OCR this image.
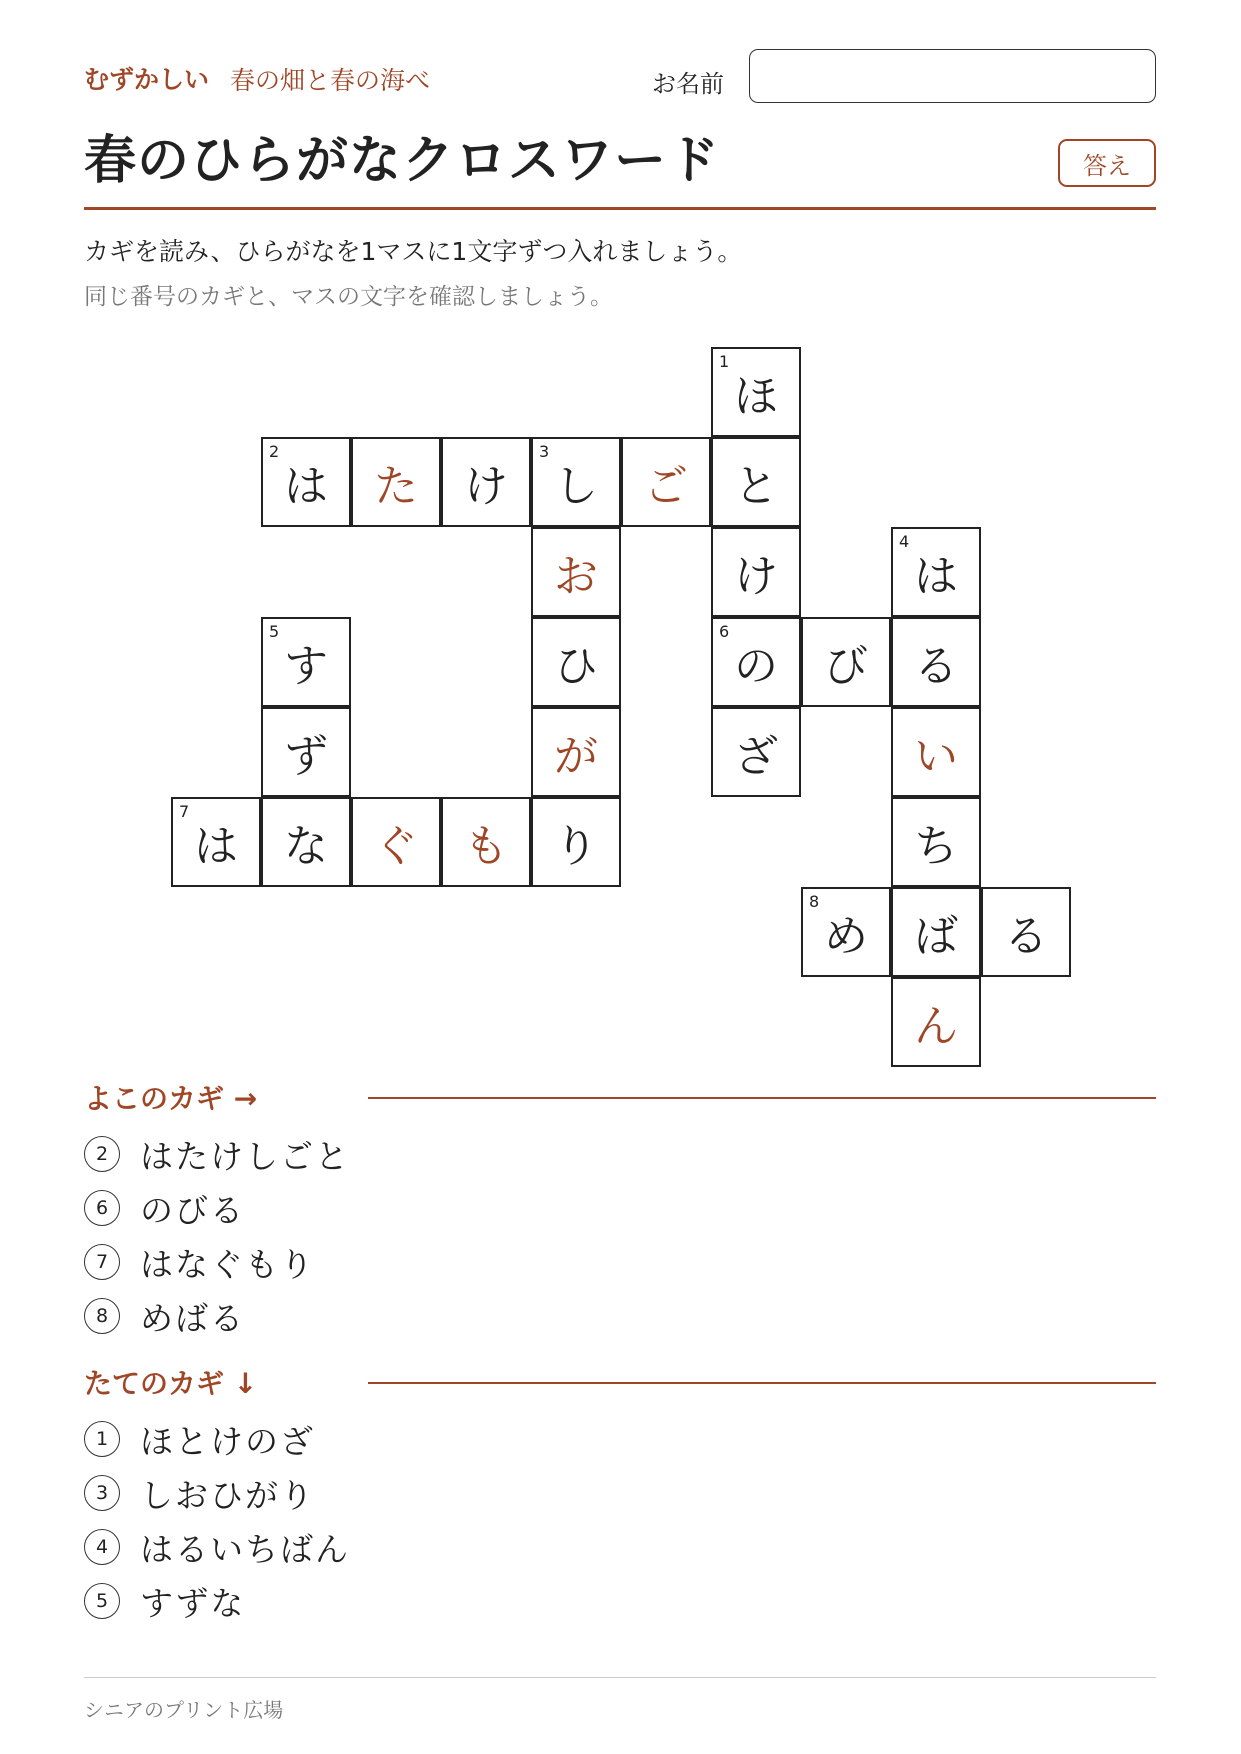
むずかしい 春の畑と春の海べ	お名前
春のひらがなクロスワード	答え
カギを読み、ひらがなを1マスに1文字ずつ入れましょう。
同じ番号のカギと、マスの文字を確認しましょう。
1
ほ
2
は	た	け
3
し	ご	と
お	け
4
は
5
す	ひ
6
の	び	る
ず	が	ざ	い
7
は	な	ぐ	も	り	ち
8
め	ば	る
ん
よこのカギ →
2 はたけしごと
6 のびる
7 はなぐもり
8 めばる
たてのカギ ↓
1 ほとけのざ
3 しおひがり
4 はるいちばん
5 すずな
シニアのプリント広場
